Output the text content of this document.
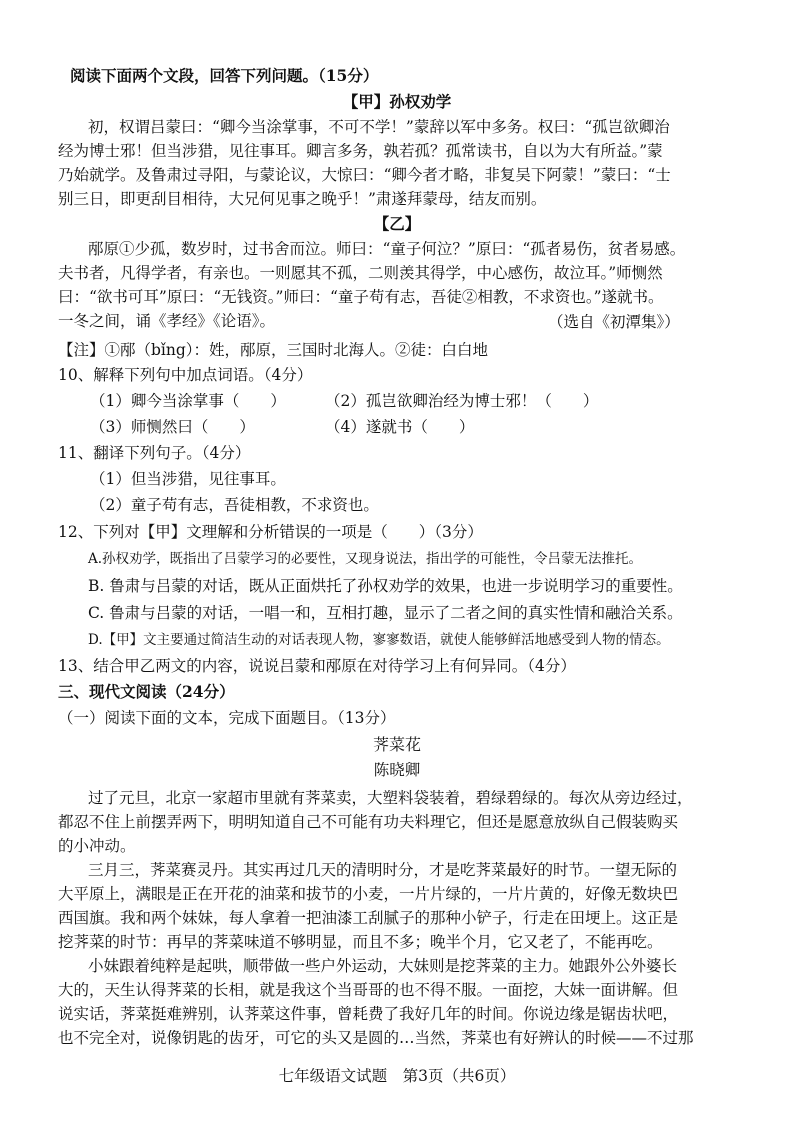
阅读下面两个文段，回答下列问题。（15分）
【甲】孙权劝学
初，权谓吕蒙曰：“卿今当涂掌事，不可不学！”蒙辞以军中多务。权曰：“孤岂欲卿治
经为博士邪！但当涉猎，见往事耳。卿言多务，孰若孤？孤常读书，自以为大有所益。”蒙
乃始就学。及鲁肃过寻阳，与蒙论议，大惊曰：“卿今者才略，非复吴下阿蒙！”蒙曰：“士
别三日，即更刮目相待，大兄何见事之晚乎！”肃遂拜蒙母，结友而别。
【乙】
邴原①少孤，数岁时，过书舍而泣。师曰：“童子何泣？”原曰：“孤者易伤，贫者易感。
夫书者，凡得学者，有亲也。一则愿其不孤，二则羡其得学，中心感伤，故泣耳。”师恻然
曰：“欲书可耳”原曰：“无钱资。”师曰：“童子苟有志，吾徒②相教，不求资也。”遂就书。
一冬之间，诵《孝经》《论语》。	（选自《初潭集》）
【注】①邴（bǐng）：姓，邴原，三国时北海人。②徒：白白地
10、解释下列句中加点词语。（4分）
（1）卿今当涂掌事（　　）	（2）孤岂欲卿治经为博士邪！（　　）
（3）师恻然曰（　　）	（4）遂就书（　　）
11、翻译下列句子。（4分）
（1）但当涉猎，见往事耳。
（2）童子苟有志，吾徒相教，不求资也。
12、下列对【甲】文理解和分析错误的一项是（　　）（3分）
A.孙权劝学，既指出了吕蒙学习的必要性，又现身说法，指出学的可能性，令吕蒙无法推托。
B. 鲁肃与吕蒙的对话，既从正面烘托了孙权劝学的效果，也进一步说明学习的重要性。
C. 鲁肃与吕蒙的对话，一唱一和，互相打趣，显示了二者之间的真实性情和融洽关系。
D.【甲】文主要通过简洁生动的对话表现人物，寥寥数语，就使人能够鲜活地感受到人物的情态。
13、结合甲乙两文的内容，说说吕蒙和邴原在对待学习上有何异同。（4分）
三、现代文阅读（24分）
（一）阅读下面的文本，完成下面题目。（13分）
荠菜花
陈晓卿
过了元旦，北京一家超市里就有荠菜卖，大塑料袋装着，碧绿碧绿的。每次从旁边经过，
都忍不住上前摆弄两下，明明知道自己不可能有功夫料理它，但还是愿意放纵自己假装购买
的小冲动。
三月三，荠菜赛灵丹。其实再过几天的清明时分，才是吃荠菜最好的时节。一望无际的
大平原上，满眼是正在开花的油菜和拔节的小麦，一片片绿的，一片片黄的，好像无数块巴
西国旗。我和两个妹妹，每人拿着一把油漆工刮腻子的那种小铲子，行走在田埂上。这正是
挖荠菜的时节：再早的荠菜味道不够明显，而且不多；晚半个月，它又老了，不能再吃。
小妹跟着纯粹是起哄，顺带做一些户外运动，大妹则是挖荠菜的主力。她跟外公外婆长
大的，天生认得荠菜的长相，就是我这个当哥哥的也不得不服。一面挖，大妹一面讲解。但
说实话，荠菜挺难辨别，认荠菜这件事，曾耗费了我好几年的时间。你说边缘是锯齿状吧，
也不完全对，说像钥匙的齿牙，可它的头又是圆的…当然，荠菜也有好辨认的时候——不过那
七年级语文试题　第3页（共6页）
